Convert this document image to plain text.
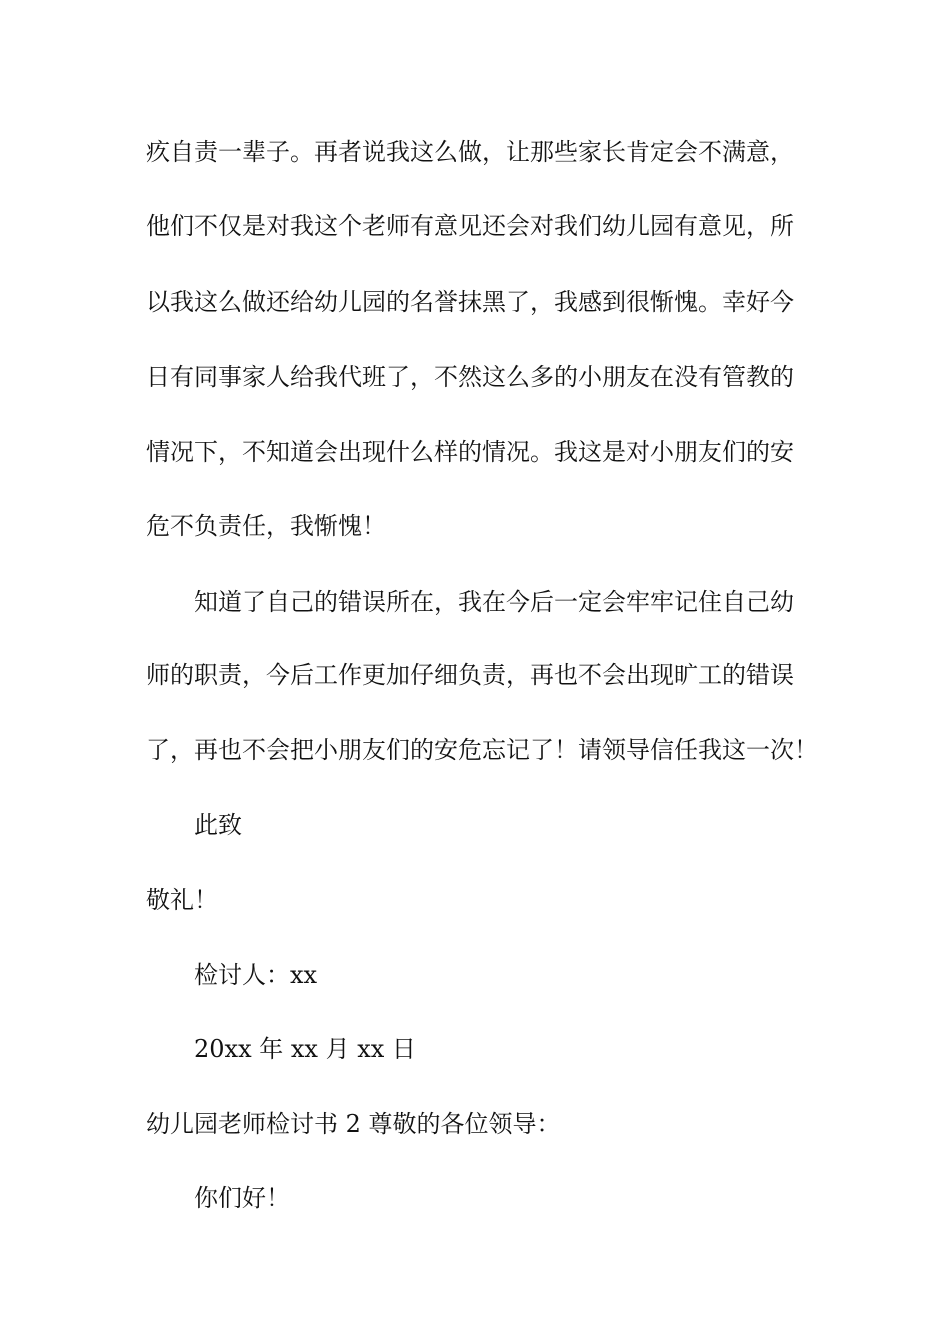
疚自责一辈子。再者说我这么做，让那些家长肯定会不满意，
他们不仅是对我这个老师有意见还会对我们幼儿园有意见，所
以我这么做还给幼儿园的名誉抹黑了，我感到很惭愧。幸好今
日有同事家人给我代班了，不然这么多的小朋友在没有管教的
情况下，不知道会出现什么样的情况。我这是对小朋友们的安
危不负责任，我惭愧！
知道了自己的错误所在，我在今后一定会牢牢记住自己幼
师的职责，今后工作更加仔细负责，再也不会出现旷工的错误
了，再也不会把小朋友们的安危忘记了！请领导信任我这一次！
此致
敬礼！
检讨人：xx
20xx 年 xx 月 xx 日
幼儿园老师检讨书 2 尊敬的各位领导：
你们好！
